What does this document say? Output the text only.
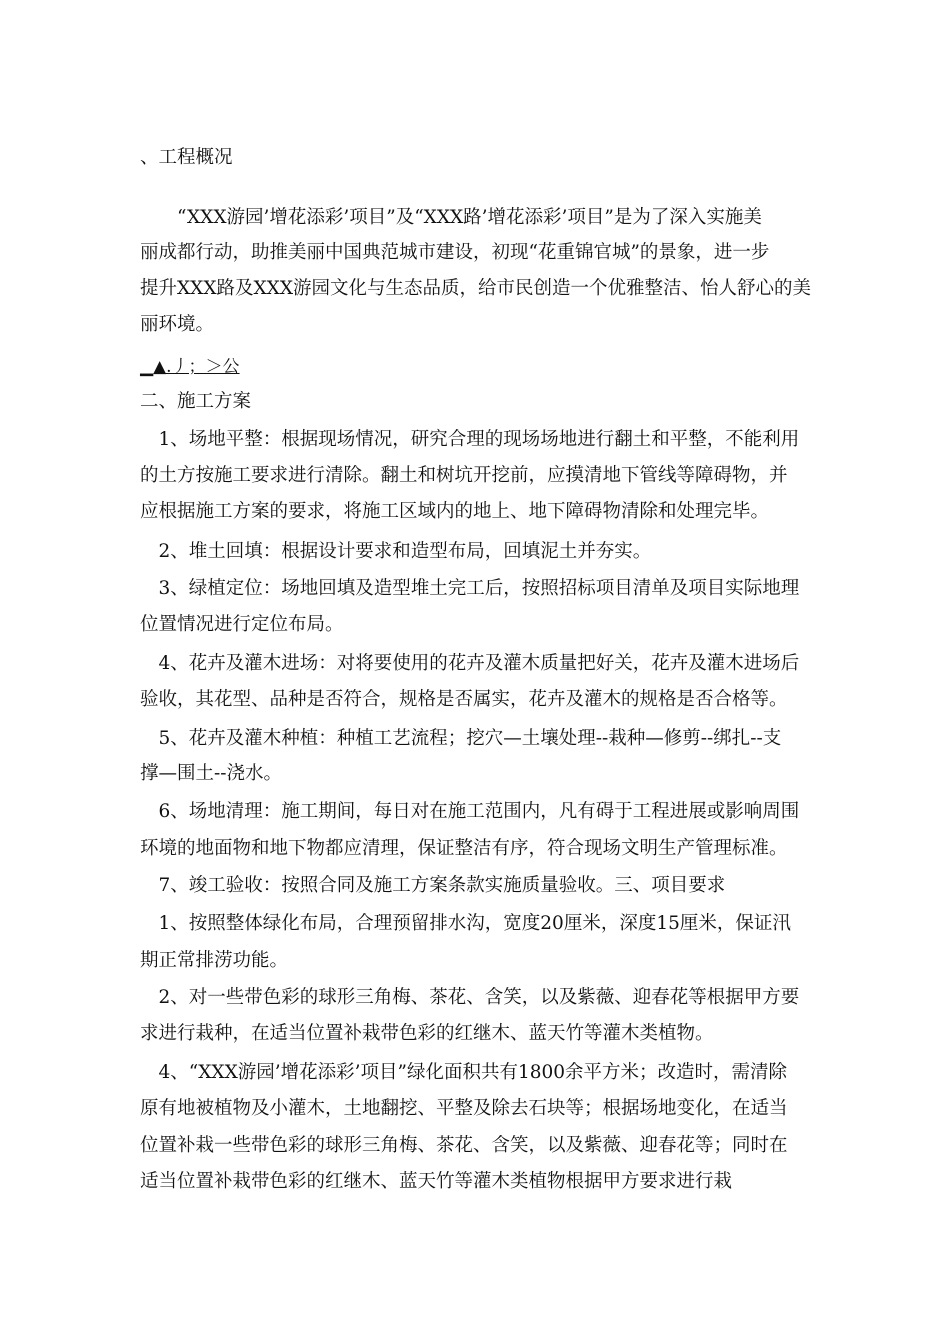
、工程概况
　　“XXX游园’增花添彩’项目”及“XXX路’增花添彩’项目”是为了深入实施美
丽成都行动，助推美丽中国典范城市建设，初现“花重锦官城”的景象，进一步
提升XXX路及XXX游园文化与生态品质，给市民创造一个优雅整洁、怡人舒心的美
丽环境。
▁▲.丿；＞公
二、施工方案
　1、场地平整：根据现场情况，研究合理的现场场地进行翻土和平整，不能利用
的土方按施工要求进行清除。翻土和树坑开挖前，应摸清地下管线等障碍物，并
应根据施工方案的要求，将施工区域内的地上、地下障碍物清除和处理完毕。
　2、堆土回填：根据设计要求和造型布局，回填泥土并夯实。
　3、绿植定位：场地回填及造型堆土完工后，按照招标项目清单及项目实际地理
位置情况进行定位布局。
　4、花卉及灌木进场：对将要使用的花卉及灌木质量把好关，花卉及灌木进场后
验收，其花型、品种是否符合，规格是否属实，花卉及灌木的规格是否合格等。
　5、花卉及灌木种植：种植工艺流程；挖穴—土壤处理--栽种—修剪--绑扎--支
撑—围土--浇水。
　6、场地清理：施工期间，每日对在施工范围内，凡有碍于工程进展或影响周围
环境的地面物和地下物都应清理，保证整洁有序，符合现场文明生产管理标准。
　7、竣工验收：按照合同及施工方案条款实施质量验收。三、项目要求
　1、按照整体绿化布局，合理预留排水沟，宽度20厘米，深度15厘米，保证汛
期正常排涝功能。
　2、对一些带色彩的球形三角梅、茶花、含笑，以及紫薇、迎春花等根据甲方要
求进行栽种，在适当位置补栽带色彩的红继木、蓝天竹等灌木类植物。
　4、“XXX游园’增花添彩’项目”绿化面积共有1800余平方米；改造时，需清除
原有地被植物及小灌木，土地翻挖、平整及除去石块等；根据场地变化，在适当
位置补栽一些带色彩的球形三角梅、茶花、含笑，以及紫薇、迎春花等；同时在
适当位置补栽带色彩的红继木、蓝天竹等灌木类植物根据甲方要求进行栽
